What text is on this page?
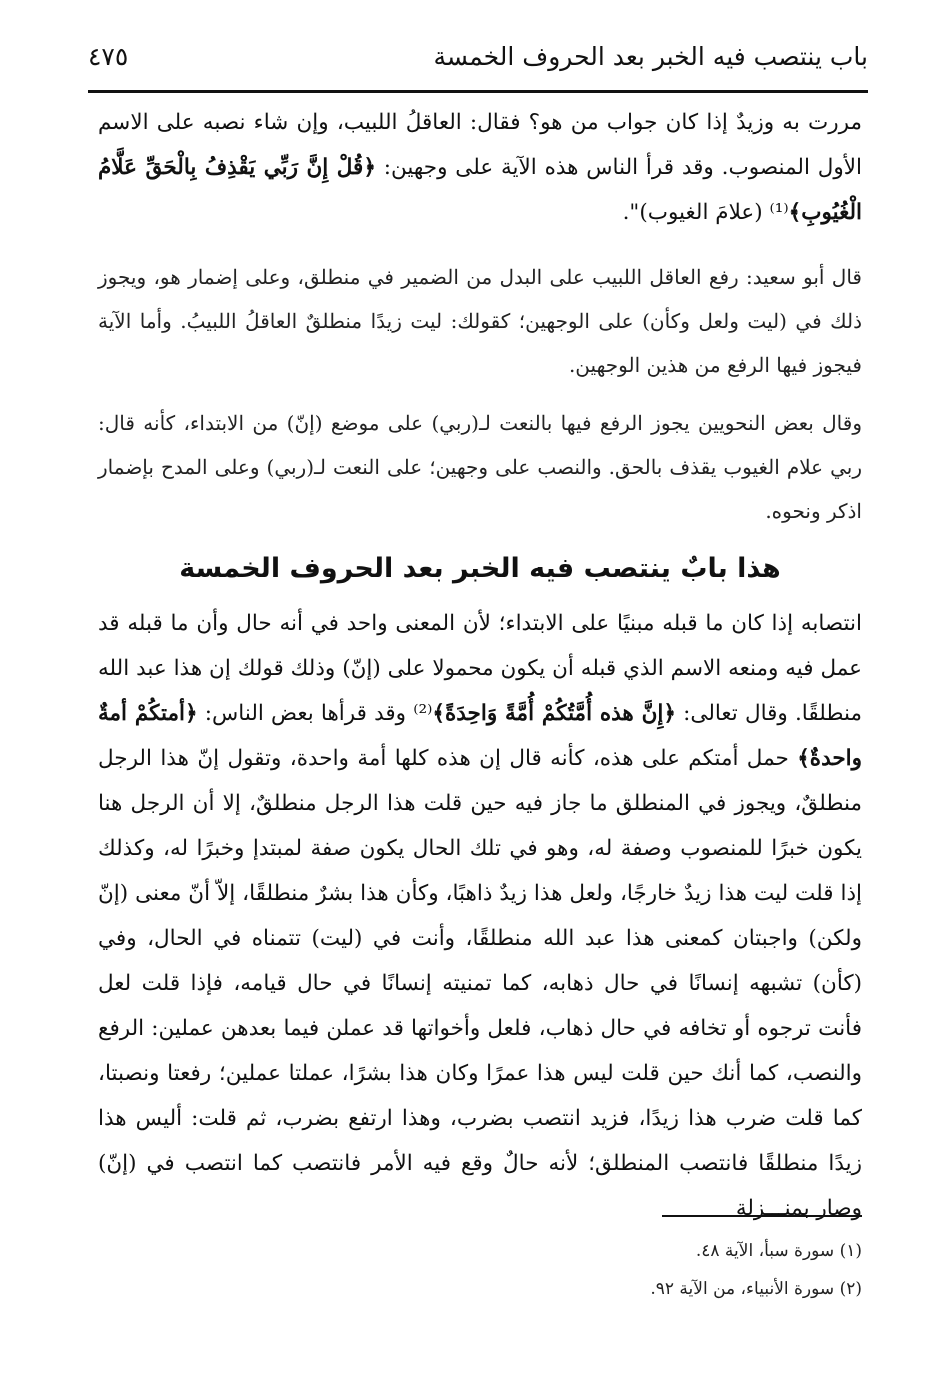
باب ينتصب فيه الخبر بعد الحروف الخمسة
٤٧٥

مررت به وزيدٌ إذا كان جواب من هو؟ فقال: العاقلُ اللبيب، وإن شاء نصبه على الاسم الأول المنصوب. وقد قرأ الناس هذه الآية على وجهين: ﴿قُلْ إِنَّ رَبِّي يَقْذِفُ بِالْحَقِّ عَلَّامُ الْغُيُوبِ﴾⁽¹⁾ (علامَ الغيوب)".

قال أبو سعيد: رفع العاقل اللبيب على البدل من الضمير في منطلق، وعلى إضمار هو، ويجوز ذلك في (ليت ولعل وكأن) على الوجهين؛ كقولك: ليت زيدًا منطلقٌ العاقلُ اللبيبُ. وأما الآية فيجوز فيها الرفع من هذين الوجهين.

وقال بعض النحويين يجوز الرفع فيها بالنعت لـ(ربي) على موضع (إنّ) من الابتداء، كأنه قال: ربي علام الغيوب يقذف بالحق. والنصب على وجهين؛ على النعت لـ(ربي) وعلى المدح بإضمار اذكر ونحوه.

هذا بابٌ ينتصب فيه الخبر بعد الحروف الخمسة

انتصابه إذا كان ما قبله مبنيًا على الابتداء؛ لأن المعنى واحد في أنه حال وأن ما قبله قد عمل فيه ومنعه الاسم الذي قبله أن يكون محمولا على (إنّ) وذلك قولك إن هذا عبد الله منطلقًا. وقال تعالى: ﴿إِنَّ هذه أُمَّتُكُمْ أُمَّةً وَاحِدَةً﴾⁽²⁾ وقد قرأها بعض الناس: ﴿أمتكُمْ أمةٌ واحدةٌ﴾ حمل أمتكم على هذه، كأنه قال إن هذه كلها أمة واحدة، وتقول إنّ هذا الرجل منطلقٌ، ويجوز في المنطلق ما جاز فيه حين قلت هذا الرجل منطلقٌ، إلا أن الرجل هنا يكون خبرًا للمنصوب وصفة له، وهو في تلك الحال يكون صفة لمبتدإ وخبرًا له، وكذلك إذا قلت ليت هذا زيدٌ خارجًا، ولعل هذا زيدٌ ذاهبًا، وكأن هذا بشرٌ منطلقًا، إلاّ أنّ معنى (إنّ ولكن) واجبتان كمعنى هذا عبد الله منطلقًا، وأنت في (ليت) تتمناه في الحال، وفي (كأن) تشبهه إنسانًا في حال ذهابه، كما تمنيته إنسانًا في حال قيامه، فإذا قلت لعل فأنت ترجوه أو تخافه في حال ذهاب، فلعل وأخواتها قد عملن فيما بعدهن عملين: الرفع والنصب، كما أنك حين قلت ليس هذا عمرًا وكان هذا بشرًا، عملتا عملين؛ رفعتا ونصبتا، كما قلت ضرب هذا زيدًا، فزيد انتصب بضرب، وهذا ارتفع بضرب، ثم قلت: أليس هذا زيدًا منطلقًا فانتصب المنطلق؛ لأنه حالٌ وقع فيه الأمر فانتصب كما انتصب في (إنّ) وصار بمنـــزلة

(١) سورة سبأ، الآية ٤٨.
(٢) سورة الأنبياء، من الآية ٩٢.
